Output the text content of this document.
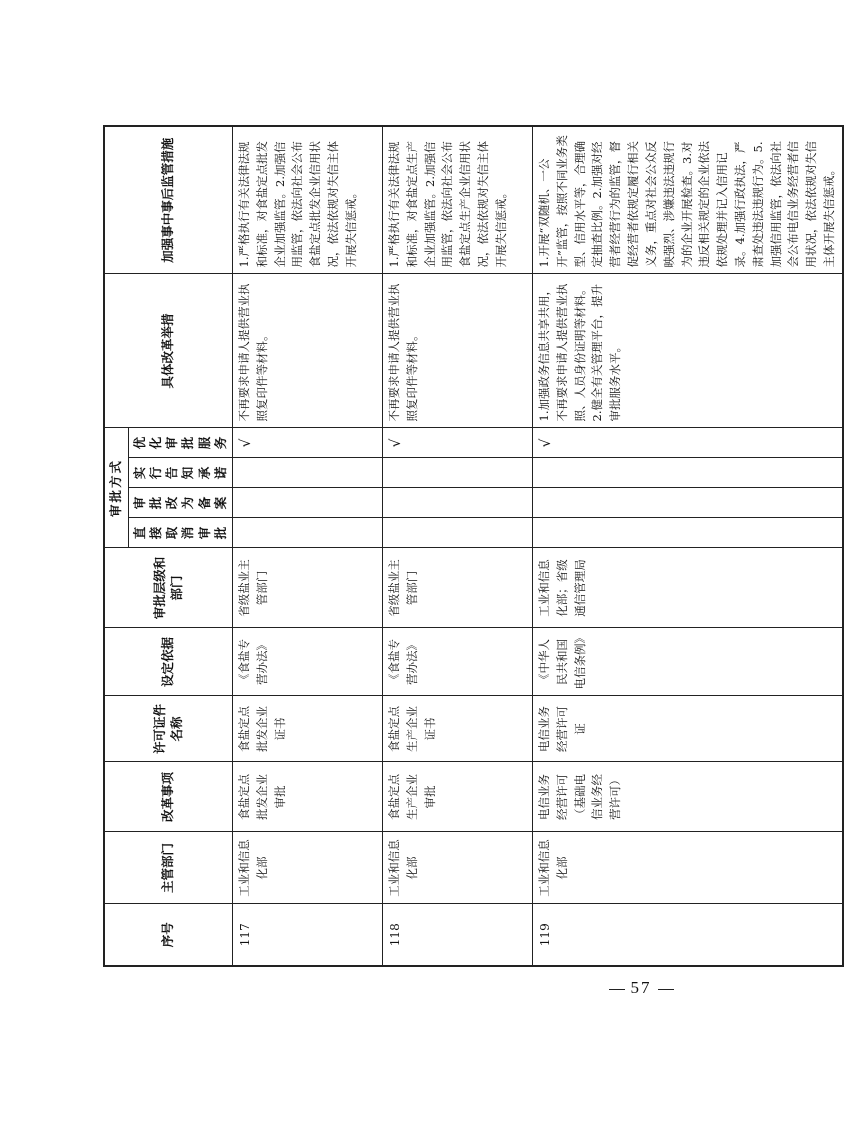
序号	主管部门	改革事项	许可证件名称	设定依据	审批层级和部门	审批方式				具体改革举措	加强事中事后监管措施
						直接取消审批	审批改为备案	实行告知承诺	优化审批服务		
117	工业和信息化部	食盐定点批发企业审批	食盐定点批发企业证书	《食盐专营办法》	省级盐业主管部门				√	不再要求申请人提供营业执照复印件等材料。	1.严格执行有关法律法规和标准，对食盐定点批发企业加强监管。2.加强信用监管，依法向社会公布食盐定点批发企业信用状况，依法依规对失信主体开展失信惩戒。
118	工业和信息化部	食盐定点生产企业审批	食盐定点生产企业证书	《食盐专营办法》	省级盐业主管部门				√	不再要求申请人提供营业执照复印件等材料。	1.严格执行有关法律法规和标准，对食盐定点生产企业加强监管。2.加强信用监管，依法向社会公布食盐定点生产企业信用状况，依法依规对失信主体开展失信惩戒。
119	工业和信息化部	电信业务经营许可（基础电信业务经营许可）	电信业务经营许可证	《中华人民共和国电信条例》	工业和信息化部；省级通信管理局				√	1.加强政务信息共享共用，不再要求申请人提供营业执照、人员身份证明等材料。2.健全有关管理平台，提升审批服务水平。	1.开展“双随机、一公开”监管，按照不同业务类型、信用水平等，合理确定抽查比例。2.加强对经营者经营行为的监管，督促经营者依规定履行相关义务，重点对社会公众反映强烈、涉嫌违法违规行为的企业开展检查。3.对违反相关规定的企业依法依规处理并记入信用记录。4.加强行政执法，严肃查处违法违规行为。5.加强信用监管，依法向社会公布电信业务经营者信用状况，依法依规对失信主体开展失信惩戒。
57
